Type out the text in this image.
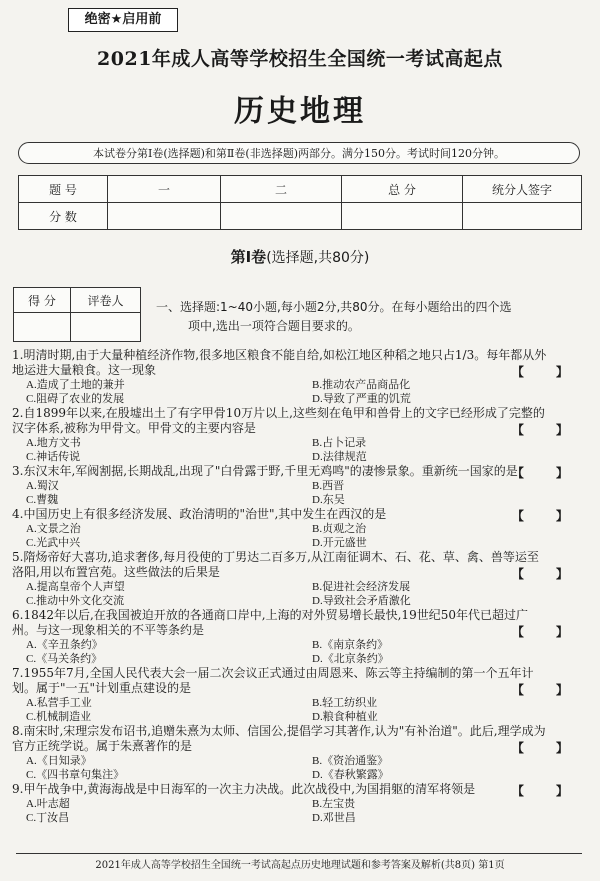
绝密★启用前
2021年成人高等学校招生全国统一考试高起点
历史地理
本试卷分第Ⅰ卷(选择题)和第Ⅱ卷(非选择题)两部分。满分150分。考试时间120分钟。
题 号	一	二	总 分	统分人签字
分 数				
第Ⅰ卷(选择题,共80分)
得 分	评卷人
		一、选择题:1~40小题,每小题2分,共80分。在每小题给出的四个选
项中,选出一项符合题目要求的。
1.明清时期,由于大量种植经济作物,很多地区粮食不能自给,如松江地区种稻之地只占1/3。每年都从外地运进大量粮食。这一现象
A.造成了土地的兼并	B.推动农产品商品化
C.阻碍了农业的发展	D.导致了严重的饥荒
【 】
2.自1899年以来,在殷墟出土了有字甲骨10万片以上,这些刻在龟甲和兽骨上的文字已经形成了完整的汉字体系,被称为甲骨文。甲骨文的主要内容是
A.地方文书	B.占卜记录
C.神话传说	D.法律规范
【 】
3.东汉末年,军阀割据,长期战乱,出现了"白骨露于野,千里无鸡鸣"的凄惨景象。重新统一国家的是
A.蜀汉	B.西晋
C.曹魏	D.东吴
【 】
4.中国历史上有很多经济发展、政治清明的"治世",其中发生在西汉的是
A.文景之治	B.贞观之治
C.光武中兴	D.开元盛世
【 】
5.隋炀帝好大喜功,追求奢侈,每月役使的丁男达二百多万,从江南征调木、石、花、草、禽、兽等运至洛阳,用以布置宫苑。这些做法的后果是
A.提高皇帝个人声望	B.促进社会经济发展
C.推动中外文化交流	D.导致社会矛盾激化
【 】
6.1842年以后,在我国被迫开放的各通商口岸中,上海的对外贸易增长最快,19世纪50年代已超过广州。与这一现象相关的不平等条约是
A.《辛丑条约》	B.《南京条约》
C.《马关条约》	D.《北京条约》
【 】
7.1955年7月,全国人民代表大会一届二次会议正式通过由周恩来、陈云等主持编制的第一个五年计划。属于"一五"计划重点建设的是
A.私营手工业	B.轻工纺织业
C.机械制造业	D.粮食种植业
【 】
8.南宋时,宋理宗发布诏书,追赠朱熹为太师、信国公,提倡学习其著作,认为"有补治道"。此后,理学成为官方正统学说。属于朱熹著作的是
A.《日知录》	B.《资治通鉴》
C.《四书章句集注》	D.《春秋繁露》
【 】
9.甲午战争中,黄海海战是中日海军的一次主力决战。此次战役中,为国捐躯的清军将领是
A.叶志超	B.左宝贵
C.丁汝昌	D.邓世昌
【 】
2021年成人高等学校招生全国统一考试高起点历史地理试题和参考答案及解析(共8页) 第1页
